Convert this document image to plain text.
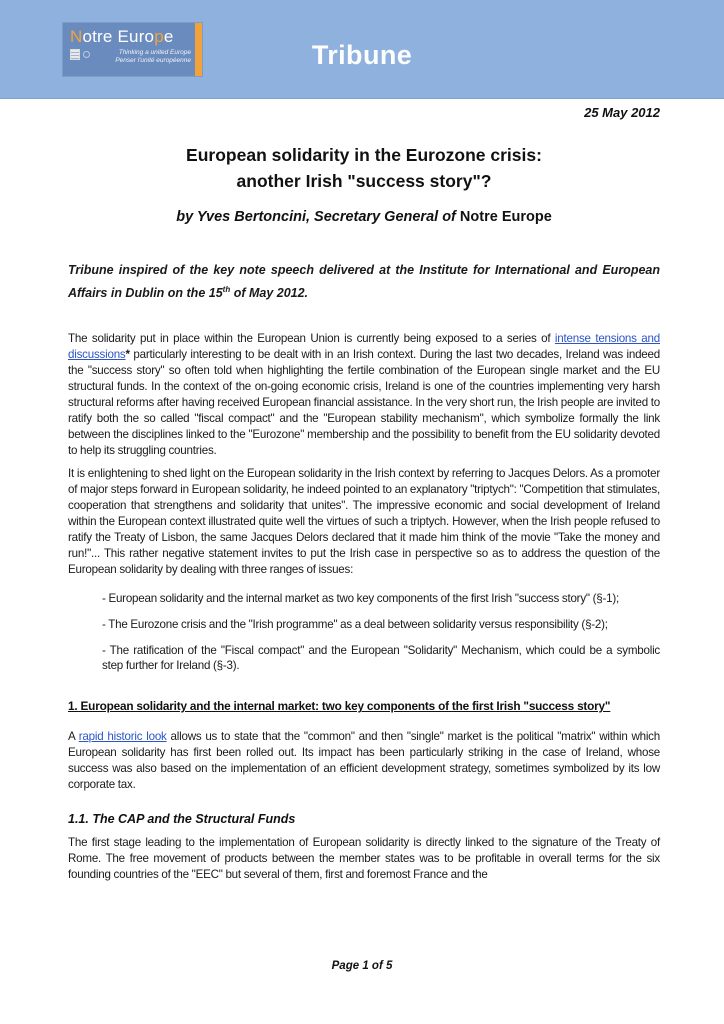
Notre Europe
Thinking a united Europe
Penser l'unité européenne	Tribune
25 May 2012
European solidarity in the Eurozone crisis:
another Irish "success story"?
by Yves Bertoncini, Secretary General of Notre Europe

Tribune inspired of the key note speech delivered at the Institute for International and European Affairs in Dublin on the 15th of May 2012.

The solidarity put in place within the European Union is currently being exposed to a series of intense tensions and discussions* particularly interesting to be dealt with in an Irish context. During the last two decades, Ireland was indeed the "success story" so often told when highlighting the fertile combination of the European single market and the EU structural funds. In the context of the on-going economic crisis, Ireland is one of the countries implementing very harsh structural reforms after having received European financial assistance. In the very short run, the Irish people are invited to ratify both the so called "fiscal compact" and the "European stability mechanism", which symbolize formally the link between the disciplines linked to the "Eurozone" membership and the possibility to benefit from the EU solidarity devoted to help its struggling countries.

It is enlightening to shed light on the European solidarity in the Irish context by referring to Jacques Delors. As a promoter of major steps forward in European solidarity, he indeed pointed to an explanatory "triptych": "Competition that stimulates, cooperation that strengthens and solidarity that unites". The impressive economic and social development of Ireland within the European context illustrated quite well the virtues of such a triptych. However, when the Irish people refused to ratify the Treaty of Lisbon, the same Jacques Delors declared that it made him think of the movie "Take the money and run!"... This rather negative statement invites to put the Irish case in perspective so as to address the question of the European solidarity by dealing with three ranges of issues:

- European solidarity and the internal market as two key components of the first Irish "success story" (§-1);

- The Eurozone crisis and the "Irish programme" as a deal between solidarity versus responsibility (§-2);

- The ratification of the "Fiscal compact" and the European "Solidarity" Mechanism, which could be a symbolic step further for Ireland (§-3).

1. European solidarity and the internal market: two key components of the first Irish "success story"

A rapid historic look allows us to state that the "common" and then "single" market is the political "matrix" within which European solidarity has first been rolled out. Its impact has been particularly striking in the case of Ireland, whose success was also based on the implementation of an efficient development strategy, sometimes symbolized by its low corporate tax.

1.1. The CAP and the Structural Funds

The first stage leading to the implementation of European solidarity is directly linked to the signature of the Treaty of Rome. The free movement of products between the member states was to be profitable in overall terms for the six founding countries of the "EEC" but several of them, first and foremost France and the

Page 1 of 5
